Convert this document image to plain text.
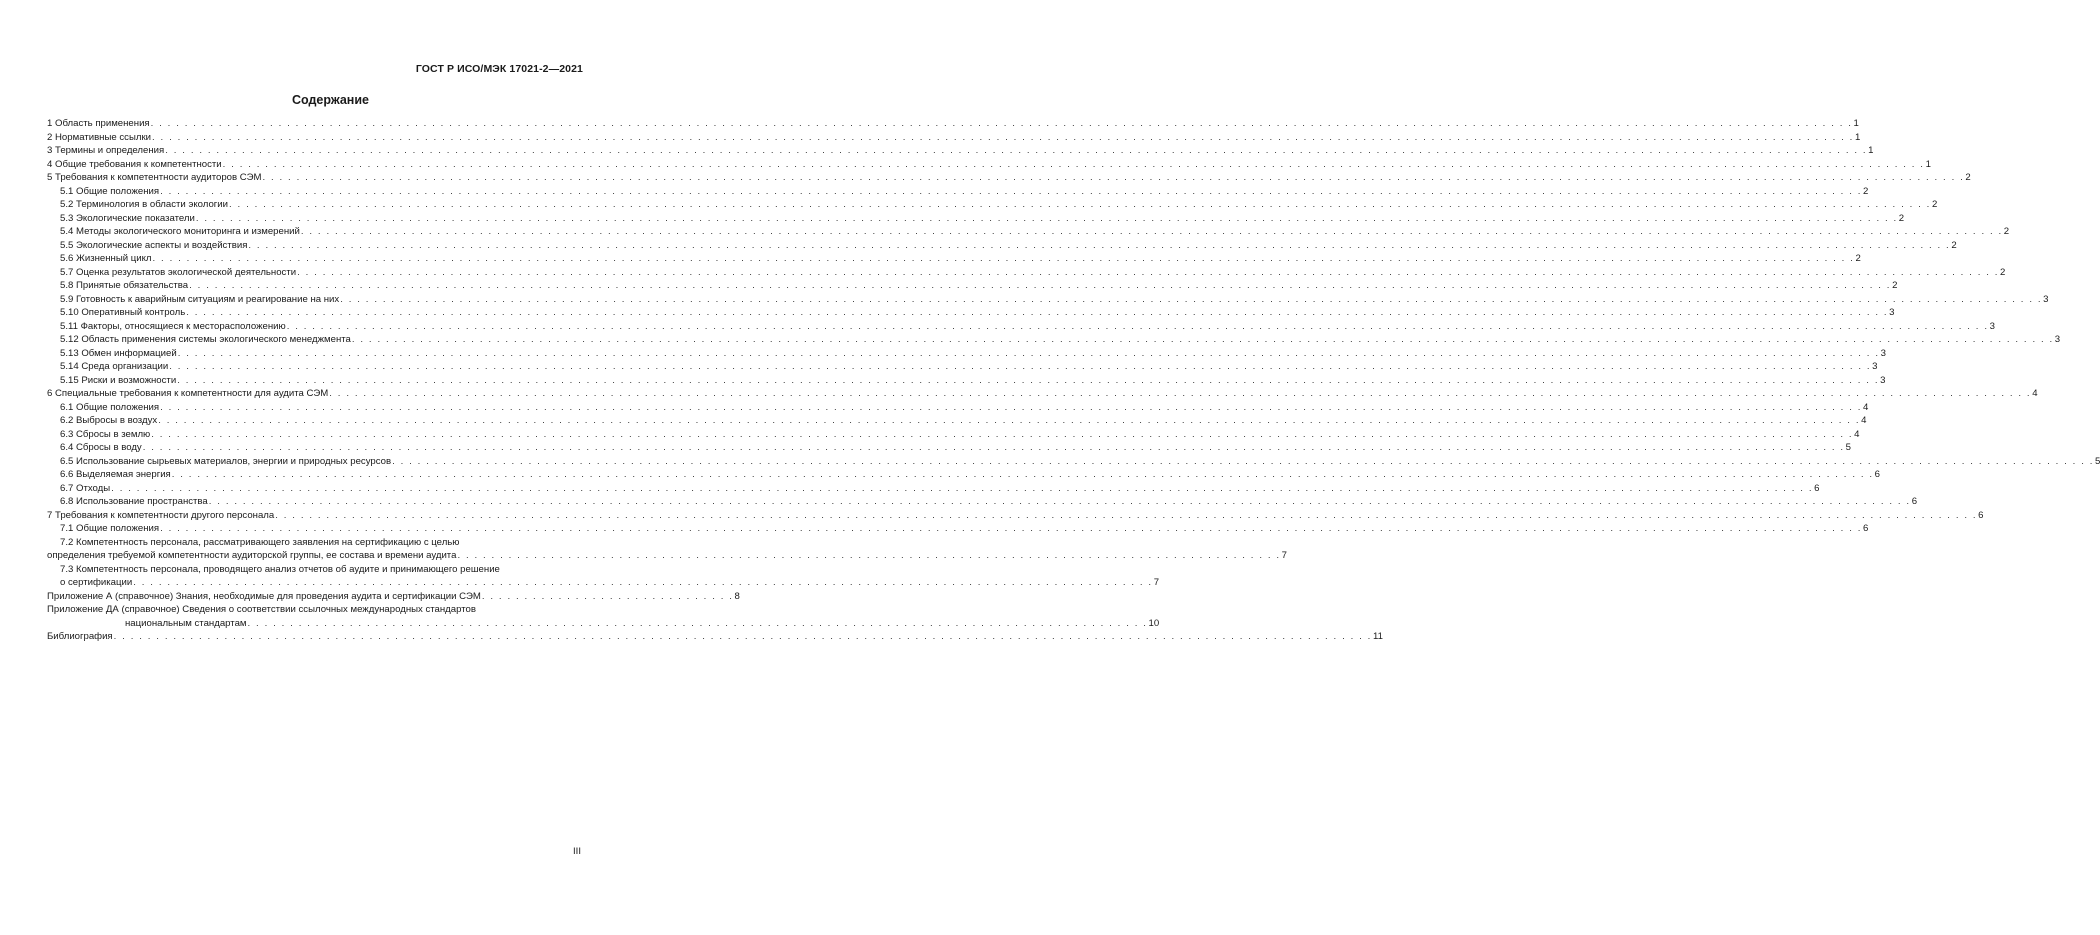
ГОСТ Р ИСО/МЭК 17021-2—2021
Содержание
1 Область применения . . . . . . . . . . . . . . . . . . . . . . . . . . . . . . . . . . . . . . . . . . . . . . . . . . . . . . . . . . . . . . . . . . . . . . . . . . . . . . . . . . . . . . . . . . . . . . . . . . . . . . . . . . . . . . . . . . . . . . . . . . . . . . . . . . . . . . . . . . . . . . . . . . . . . . . . . . . . . . . . . . . . . . . . . . . . . . . . . . . . . . . . . . . . . . . . . . . . . . . . 1
2 Нормативные ссылки . . . . . . . . . . . . . . . . . . . . . . . . . . . . . . . . . . . . . . . . . . . . . . . . . . . . . . . . . . . . . . . . . . . . . . . . . . . . . . . . . . . . . . . . . . . . . . . . . . . . . . . . . . . . . . . . . . . . . . . . . . . . . . . . . . . . . . . . . . . . . . . . . . . . . . . . . . . . . . . . . . . . . . . . . . . . . . . . . . . . . . . . . . . . . . . . . . . . . . . . 1
3 Термины и определения . . . . . . . . . . . . . . . . . . . . . . . . . . . . . . . . . . . . . . . . . . . . . . . . . . . . . . . . . . . . . . . . . . . . . . . . . . . . . . . . . . . . . . . . . . . . . . . . . . . . . . . . . . . . . . . . . . . . . . . . . . . . . . . . . . . . . . . . . . . . . . . . . . . . . . . . . . . . . . . . . . . . . . . . . . . . . . . . . . . . . . . . . . . . . . . . . . . . . . . . 1
4 Общие требования к компетентности . . . . . . . . . . . . . . . . . . . . . . . . . . . . . . . . . . . . . . . . . . . . . . . . . . . . . . . . . . . . . . . . . . . . . . . . . . . . . . . . . . . . . . . . . . . . . . . . . . . . . . . . . . . . . . . . . . . . . . . . . . . . . . . . . . . . . . . . . . . . . . . . . . . . . . . . . . . . . . . . . . . . . . . . . . . . . . . . . . . . . . . . . . . . . . . . . . . . . . . . 1
5 Требования к компетентности аудиторов СЭМ . . . . . . . . . . . . . . . . . . . . . . . . . . . . . . . . . . . . . . . . . . . . . . . . . . . . . . . . . . . . . . . . . . . . . . . . . . . . . . . . . . . . . . . . . . . . . . . . . . . . . . . . . . . . . . . . . . . . . . . . . . . . . . . . . . . . . . . . . . . . . . . . . . . . . . . . . . . . . . . . . . . . . . . . . . . . . . . . . . . . . . . . . . . . . . . . . . . . . . . . 2
5.1 Общие положения . . . . . . . . . . . . . . . . . . . . . . . . . . . . . . . . . . . . . . . . . . . . . . . . . . . . . . . . . . . . . . . . . . . . . . . . . . . . . . . . . . . . . . . . . . . . . . . . . . . . . . . . . . . . . . . . . . . . . . . . . . . . . . . . . . . . . . . . . . . . . . . . . . . . . . . . . . . . . . . . . . . . . . . . . . . . . . . . . . . . . . . . . . . . . . . . . . . . . . . . 2
5.2 Терминология в области экологии . . . . . . . . . . . . . . . . . . . . . . . . . . . . . . . . . . . . . . . . . . . . . . . . . . . . . . . . . . . . . . . . . . . . . . . . . . . . . . . . . . . . . . . . . . . . . . . . . . . . . . . . . . . . . . . . . . . . . . . . . . . . . . . . . . . . . . . . . . . . . . . . . . . . . . . . . . . . . . . . . . . . . . . . . . . . . . . . . . . . . . . . . . . . . . . . . . . . . . . . 2
5.3 Экологические показатели . . . . . . . . . . . . . . . . . . . . . . . . . . . . . . . . . . . . . . . . . . . . . . . . . . . . . . . . . . . . . . . . . . . . . . . . . . . . . . . . . . . . . . . . . . . . . . . . . . . . . . . . . . . . . . . . . . . . . . . . . . . . . . . . . . . . . . . . . . . . . . . . . . . . . . . . . . . . . . . . . . . . . . . . . . . . . . . . . . . . . . . . . . . . . . . . . . . . . . . . 2
5.4 Методы экологического мониторинга и измерений . . . . . . . . . . . . . . . . . . . . . . . . . . . . . . . . . . . . . . . . . . . . . . . . . . . . . . . . . . . . . . . . . . . . . . . . . . . . . . . . . . . . . . . . . . . . . . . . . . . . . . . . . . . . . . . . . . . . . . . . . . . . . . . . . . . . . . . . . . . . . . . . . . . . . . . . . . . . . . . . . . . . . . . . . . . . . . . . . . . . . . . . . . . . . . . . . . . . . . . . 2
5.5 Экологические аспекты и воздействия . . . . . . . . . . . . . . . . . . . . . . . . . . . . . . . . . . . . . . . . . . . . . . . . . . . . . . . . . . . . . . . . . . . . . . . . . . . . . . . . . . . . . . . . . . . . . . . . . . . . . . . . . . . . . . . . . . . . . . . . . . . . . . . . . . . . . . . . . . . . . . . . . . . . . . . . . . . . . . . . . . . . . . . . . . . . . . . . . . . . . . . . . . . . . . . . . . . . . . . . 2
5.6 Жизненный цикл . . . . . . . . . . . . . . . . . . . . . . . . . . . . . . . . . . . . . . . . . . . . . . . . . . . . . . . . . . . . . . . . . . . . . . . . . . . . . . . . . . . . . . . . . . . . . . . . . . . . . . . . . . . . . . . . . . . . . . . . . . . . . . . . . . . . . . . . . . . . . . . . . . . . . . . . . . . . . . . . . . . . . . . . . . . . . . . . . . . . . . . . . . . . . . . . . . . . . . . . 2
5.7 Оценка результатов экологической деятельности . . . . . . . . . . . . . . . . . . . . . . . . . . . . . . . . . . . . . . . . . . . . . . . . . . . . . . . . . . . . . . . . . . . . . . . . . . . . . . . . . . . . . . . . . . . . . . . . . . . . . . . . . . . . . . . . . . . . . . . . . . . . . . . . . . . . . . . . . . . . . . . . . . . . . . . . . . . . . . . . . . . . . . . . . . . . . . . . . . . . . . . . . . . . . . . . . . . . . . . . 2
5.8 Принятые обязательства . . . . . . . . . . . . . . . . . . . . . . . . . . . . . . . . . . . . . . . . . . . . . . . . . . . . . . . . . . . . . . . . . . . . . . . . . . . . . . . . . . . . . . . . . . . . . . . . . . . . . . . . . . . . . . . . . . . . . . . . . . . . . . . . . . . . . . . . . . . . . . . . . . . . . . . . . . . . . . . . . . . . . . . . . . . . . . . . . . . . . . . . . . . . . . . . . . . . . . . . 2
5.9 Готовность к аварийным ситуациям и реагирование на них . . . . . . . . . . . . . . . . . . . . . . . . . . . . . . . . . . . . . . . . . . . . . . . . . . . . . . . . . . . . . . . . . . . . . . . . . . . . . . . . . . . . . . . . . . . . . . . . . . . . . . . . . . . . . . . . . . . . . . . . . . . . . . . . . . . . . . . . . . . . . . . . . . . . . . . . . . . . . . . . . . . . . . . . . . . . . . . . . . . . . . . . . . . . . . . . . . . . . . . . 3
5.10 Оперативный контроль . . . . . . . . . . . . . . . . . . . . . . . . . . . . . . . . . . . . . . . . . . . . . . . . . . . . . . . . . . . . . . . . . . . . . . . . . . . . . . . . . . . . . . . . . . . . . . . . . . . . . . . . . . . . . . . . . . . . . . . . . . . . . . . . . . . . . . . . . . . . . . . . . . . . . . . . . . . . . . . . . . . . . . . . . . . . . . . . . . . . . . . . . . . . . . . . . . . . . . . . 3
5.11 Факторы, относящиеся к месторасположению . . . . . . . . . . . . . . . . . . . . . . . . . . . . . . . . . . . . . . . . . . . . . . . . . . . . . . . . . . . . . . . . . . . . . . . . . . . . . . . . . . . . . . . . . . . . . . . . . . . . . . . . . . . . . . . . . . . . . . . . . . . . . . . . . . . . . . . . . . . . . . . . . . . . . . . . . . . . . . . . . . . . . . . . . . . . . . . . . . . . . . . . . . . . . . . . . . . . . . . . 3
5.12 Область применения системы экологического менеджмента . . . . . . . . . . . . . . . . . . . . . . . . . . . . . . . . . . . . . . . . . . . . . . . . . . . . . . . . . . . . . . . . . . . . . . . . . . . . . . . . . . . . . . . . . . . . . . . . . . . . . . . . . . . . . . . . . . . . . . . . . . . . . . . . . . . . . . . . . . . . . . . . . . . . . . . . . . . . . . . . . . . . . . . . . . . . . . . . . . . . . . . . . . . . . . . . . . . . . . . . 3
5.13 Обмен информацией . . . . . . . . . . . . . . . . . . . . . . . . . . . . . . . . . . . . . . . . . . . . . . . . . . . . . . . . . . . . . . . . . . . . . . . . . . . . . . . . . . . . . . . . . . . . . . . . . . . . . . . . . . . . . . . . . . . . . . . . . . . . . . . . . . . . . . . . . . . . . . . . . . . . . . . . . . . . . . . . . . . . . . . . . . . . . . . . . . . . . . . . . . . . . . . . . . . . . . . . 3
5.14 Среда организации . . . . . . . . . . . . . . . . . . . . . . . . . . . . . . . . . . . . . . . . . . . . . . . . . . . . . . . . . . . . . . . . . . . . . . . . . . . . . . . . . . . . . . . . . . . . . . . . . . . . . . . . . . . . . . . . . . . . . . . . . . . . . . . . . . . . . . . . . . . . . . . . . . . . . . . . . . . . . . . . . . . . . . . . . . . . . . . . . . . . . . . . . . . . . . . . . . . . . . . . 3
5.15 Риски и возможности . . . . . . . . . . . . . . . . . . . . . . . . . . . . . . . . . . . . . . . . . . . . . . . . . . . . . . . . . . . . . . . . . . . . . . . . . . . . . . . . . . . . . . . . . . . . . . . . . . . . . . . . . . . . . . . . . . . . . . . . . . . . . . . . . . . . . . . . . . . . . . . . . . . . . . . . . . . . . . . . . . . . . . . . . . . . . . . . . . . . . . . . . . . . . . . . . . . . . . . . 3
6 Специальные требования к компетентности для аудита СЭМ . . . . . . . . . . . . . . . . . . . . . . . . . . . . . . . . . . . . . . . . . . . . . . . . . . . . . . . . . . . . . . . . . . . . . . . . . . . . . . . . . . . . . . . . . . . . . . . . . . . . . . . . . . . . . . . . . . . . . . . . . . . . . . . . . . . . . . . . . . . . . . . . . . . . . . . . . . . . . . . . . . . . . . . . . . . . . . . . . . . . . . . . . . . . . . . . . . . . . . . . 4
6.1 Общие положения . . . . . . . . . . . . . . . . . . . . . . . . . . . . . . . . . . . . . . . . . . . . . . . . . . . . . . . . . . . . . . . . . . . . . . . . . . . . . . . . . . . . . . . . . . . . . . . . . . . . . . . . . . . . . . . . . . . . . . . . . . . . . . . . . . . . . . . . . . . . . . . . . . . . . . . . . . . . . . . . . . . . . . . . . . . . . . . . . . . . . . . . . . . . . . . . . . . . . . . . 4
6.2 Выбросы в воздух . . . . . . . . . . . . . . . . . . . . . . . . . . . . . . . . . . . . . . . . . . . . . . . . . . . . . . . . . . . . . . . . . . . . . . . . . . . . . . . . . . . . . . . . . . . . . . . . . . . . . . . . . . . . . . . . . . . . . . . . . . . . . . . . . . . . . . . . . . . . . . . . . . . . . . . . . . . . . . . . . . . . . . . . . . . . . . . . . . . . . . . . . . . . . . . . . . . . . . . . 4
6.3 Сбросы в землю . . . . . . . . . . . . . . . . . . . . . . . . . . . . . . . . . . . . . . . . . . . . . . . . . . . . . . . . . . . . . . . . . . . . . . . . . . . . . . . . . . . . . . . . . . . . . . . . . . . . . . . . . . . . . . . . . . . . . . . . . . . . . . . . . . . . . . . . . . . . . . . . . . . . . . . . . . . . . . . . . . . . . . . . . . . . . . . . . . . . . . . . . . . . . . . . . . . . . . . . 4
6.4 Сбросы в воду . . . . . . . . . . . . . . . . . . . . . . . . . . . . . . . . . . . . . . . . . . . . . . . . . . . . . . . . . . . . . . . . . . . . . . . . . . . . . . . . . . . . . . . . . . . . . . . . . . . . . . . . . . . . . . . . . . . . . . . . . . . . . . . . . . . . . . . . . . . . . . . . . . . . . . . . . . . . . . . . . . . . . . . . . . . . . . . . . . . . . . . . . . . . . . . . . . . . . . . . 5
6.5 Использование сырьевых материалов, энергии и природных ресурсов . . . . . . . . . . . . . . . . . . . . . . . . . . . . . . . . . . . . . . . . . . . . . . . . . . . . . . . . . . . . . . . . . . . . . . . . . . . . . . . . . . . . . . . . . . . . . . . . . . . . . . . . . . . . . . . . . . . . . . . . . . . . . . . . . . . . . . . . . . . . . . . . . . . . . . . . . . . . . . . . . . . . . . . . . . . . . . . . . . . . . . . . . . . . . . . . . . . . . . . . 5
6.6 Выделяемая энергия . . . . . . . . . . . . . . . . . . . . . . . . . . . . . . . . . . . . . . . . . . . . . . . . . . . . . . . . . . . . . . . . . . . . . . . . . . . . . . . . . . . . . . . . . . . . . . . . . . . . . . . . . . . . . . . . . . . . . . . . . . . . . . . . . . . . . . . . . . . . . . . . . . . . . . . . . . . . . . . . . . . . . . . . . . . . . . . . . . . . . . . . . . . . . . . . . . . . . . . . 6
6.7 Отходы . . . . . . . . . . . . . . . . . . . . . . . . . . . . . . . . . . . . . . . . . . . . . . . . . . . . . . . . . . . . . . . . . . . . . . . . . . . . . . . . . . . . . . . . . . . . . . . . . . . . . . . . . . . . . . . . . . . . . . . . . . . . . . . . . . . . . . . . . . . . . . . . . . . . . . . . . . . . . . . . . . . . . . . . . . . . . . . . . . . . . . . . . . . . . . . . . . . . . . . . 6
6.8 Использование пространства . . . . . . . . . . . . . . . . . . . . . . . . . . . . . . . . . . . . . . . . . . . . . . . . . . . . . . . . . . . . . . . . . . . . . . . . . . . . . . . . . . . . . . . . . . . . . . . . . . . . . . . . . . . . . . . . . . . . . . . . . . . . . . . . . . . . . . . . . . . . . . . . . . . . . . . . . . . . . . . . . . . . . . . . . . . . . . . . . . . . . . . . . . . . . . . . . . . . . . . . 6
7 Требования к компетентности другого персонала . . . . . . . . . . . . . . . . . . . . . . . . . . . . . . . . . . . . . . . . . . . . . . . . . . . . . . . . . . . . . . . . . . . . . . . . . . . . . . . . . . . . . . . . . . . . . . . . . . . . . . . . . . . . . . . . . . . . . . . . . . . . . . . . . . . . . . . . . . . . . . . . . . . . . . . . . . . . . . . . . . . . . . . . . . . . . . . . . . . . . . . . . . . . . . . . . . . . . . . . 6
7.1 Общие положения . . . . . . . . . . . . . . . . . . . . . . . . . . . . . . . . . . . . . . . . . . . . . . . . . . . . . . . . . . . . . . . . . . . . . . . . . . . . . . . . . . . . . . . . . . . . . . . . . . . . . . . . . . . . . . . . . . . . . . . . . . . . . . . . . . . . . . . . . . . . . . . . . . . . . . . . . . . . . . . . . . . . . . . . . . . . . . . . . . . . . . . . . . . . . . . . . . . . . . . . 6
7.2 Компетентность персонала, рассматривающего заявления на сертификацию с целью
определения требуемой компетентности аудиторской группы, ее состава и времени аудита . . . . . . . . . . . . . . . . . . . . . . . . . . . . . . . . . . . . . . . . . . . . . . . . . . . . . . . . . . . . . . . . . . . . . . . . . . . . . . . . . . . . . . . . . . . . . . . . . 7
7.3 Компетентность персонала, проводящего анализ отчетов об аудите и принимающего решение
о сертификации . . . . . . . . . . . . . . . . . . . . . . . . . . . . . . . . . . . . . . . . . . . . . . . . . . . . . . . . . . . . . . . . . . . . . . . . . . . . . . . . . . . . . . . . . . . . . . . . . . . . . . . . . . . . . . . . . . . . . . . . 7
Приложение А (справочное) Знания, необходимые для проведения аудита и сертификации СЭМ . . . . . . . . . . . . . . . . . . . . . . . . . . . . . . 8
Приложение ДА (справочное) Сведения о соответствии ссылочных международных стандартов
национальным стандартам . . . . . . . . . . . . . . . . . . . . . . . . . . . . . . . . . . . . . . . . . . . . . . . . . . . . . . . . . . . . . . . . . . . . . . . . . . . . . . . . . . . . . . . . . . . . . . . . . . . . . . . . . . 10
Библиография . . . . . . . . . . . . . . . . . . . . . . . . . . . . . . . . . . . . . . . . . . . . . . . . . . . . . . . . . . . . . . . . . . . . . . . . . . . . . . . . . . . . . . . . . . . . . . . . . . . . . . . . . . . . . . . . . . . . . . . . . . . . . . . . . . . . . . . . . . . . . . . . . . . . 11
III
